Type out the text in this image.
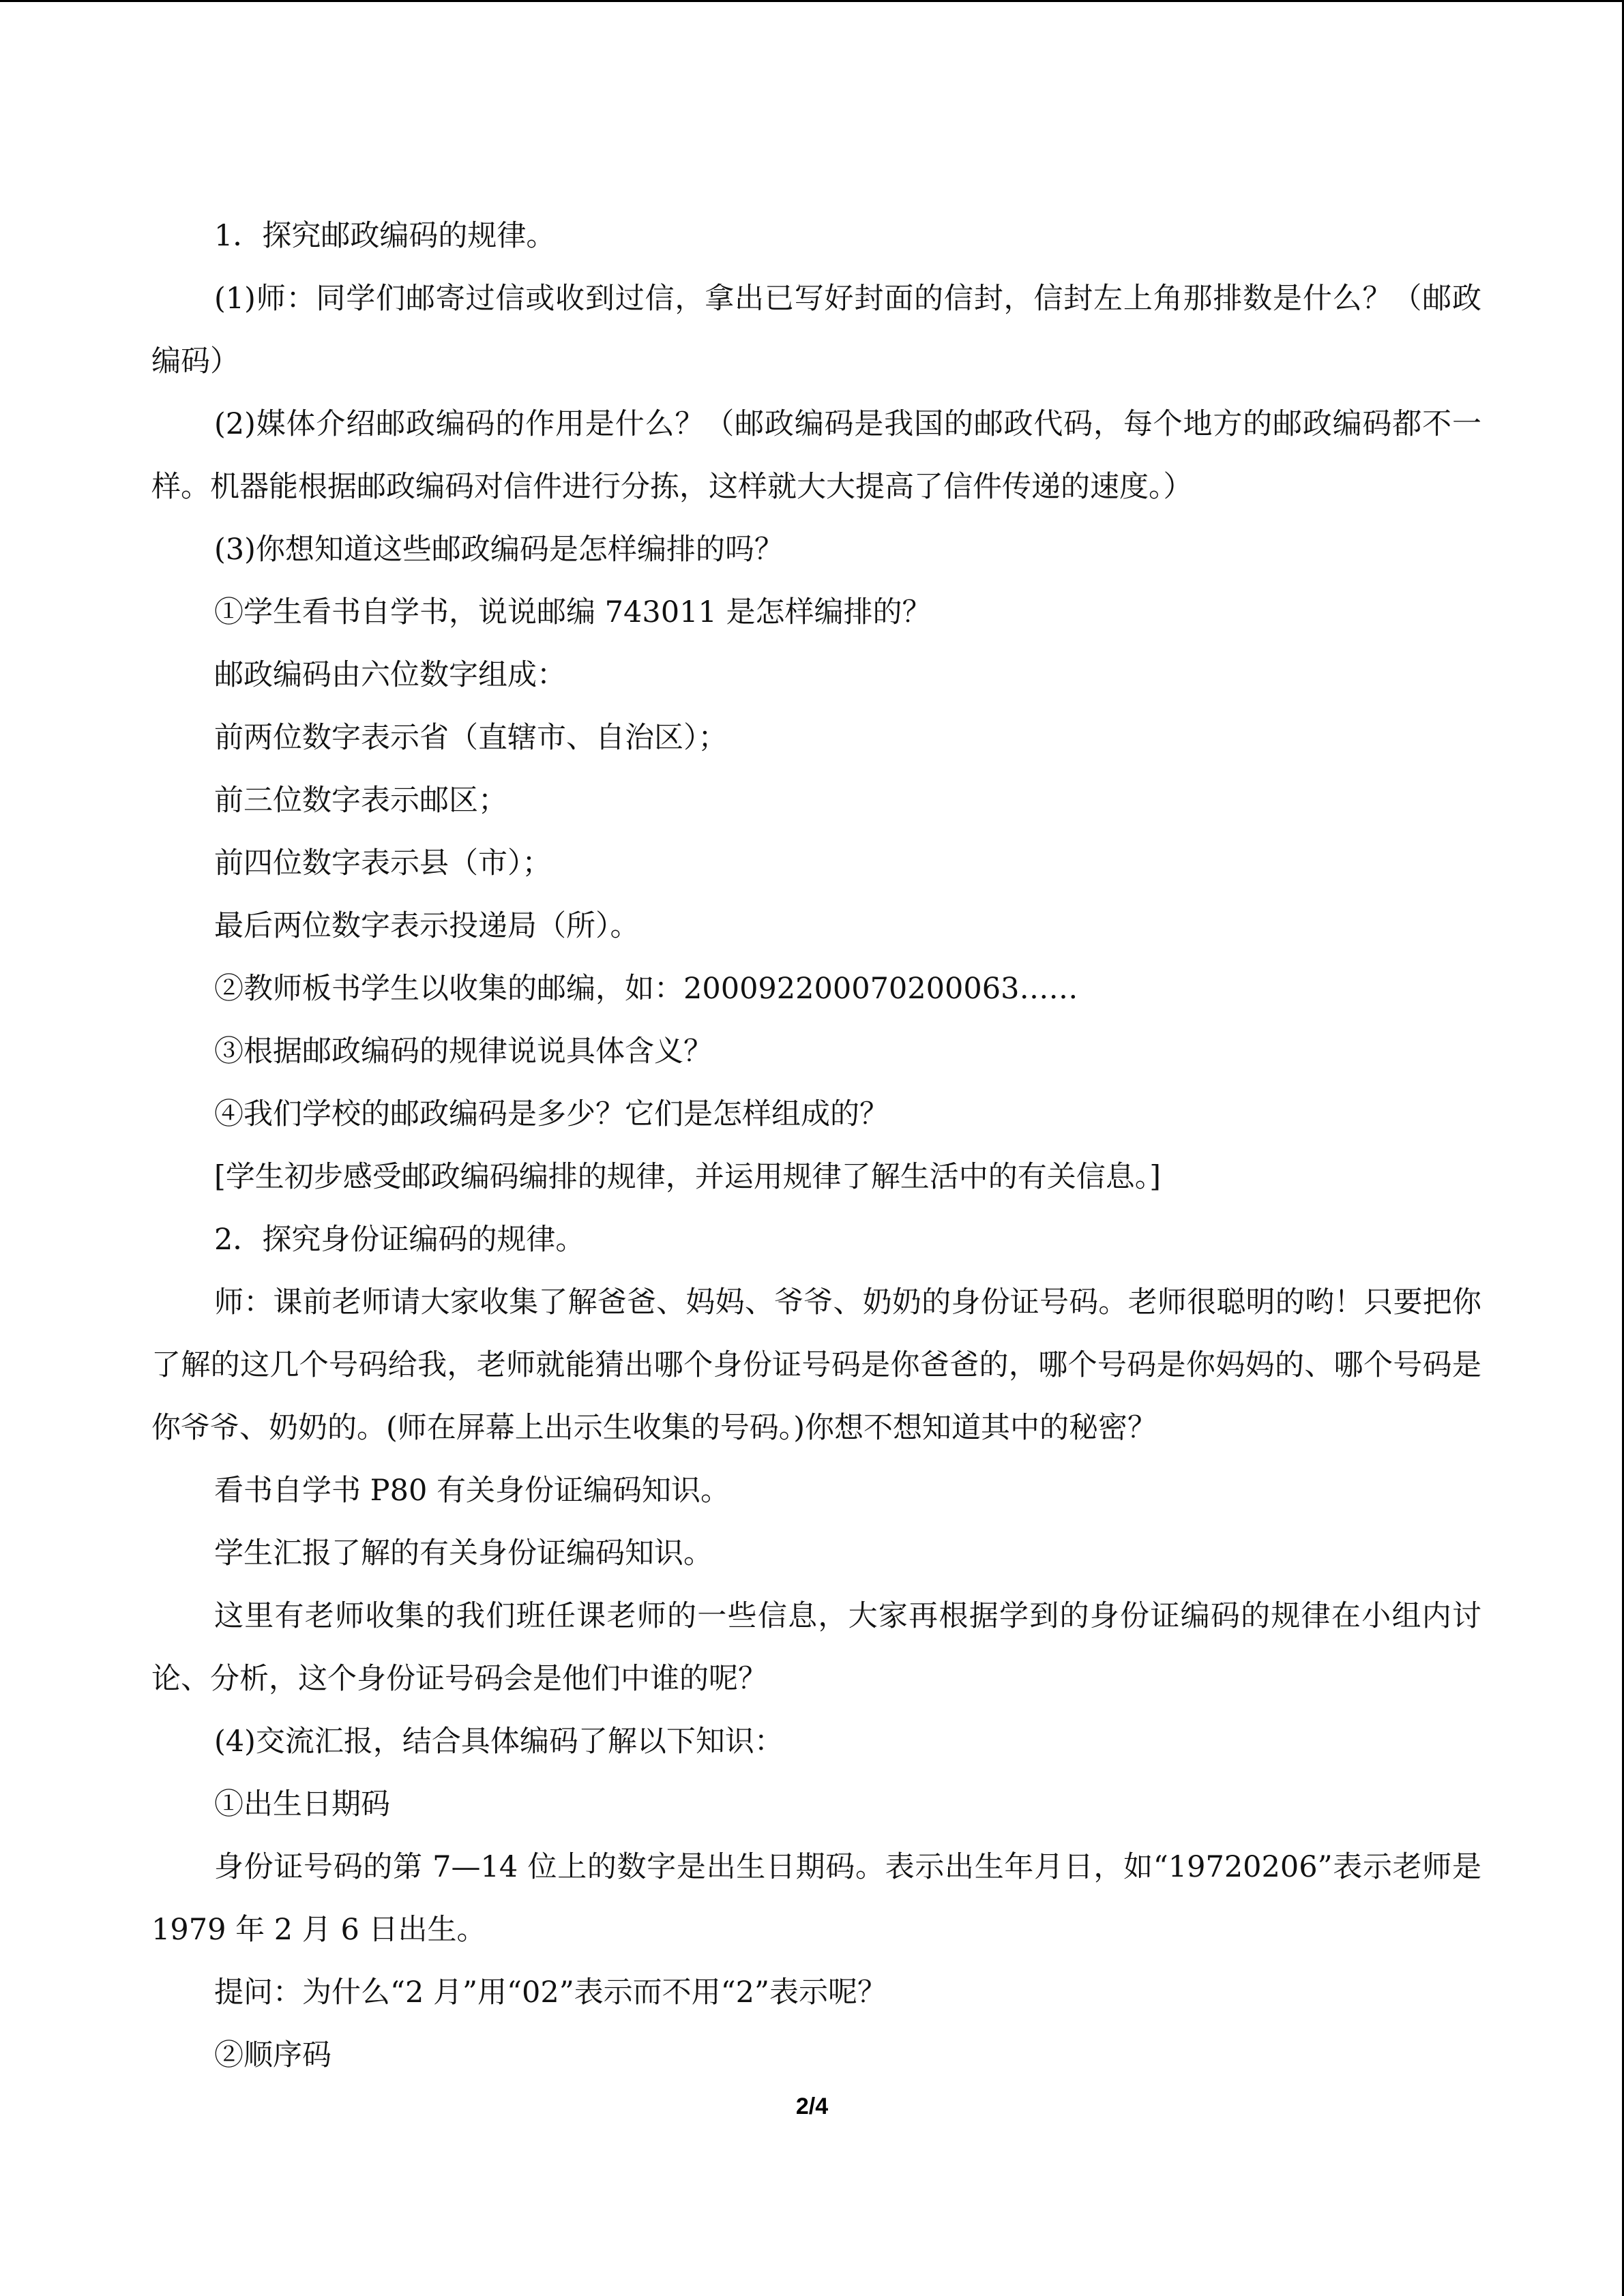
1．探究邮政编码的规律。

(1)师：同学们邮寄过信或收到过信，拿出已写好封面的信封，信封左上角那排数是什么？（邮政编码）

(2)媒体介绍邮政编码的作用是什么？（邮政编码是我国的邮政代码，每个地方的邮政编码都不一样。机器能根据邮政编码对信件进行分拣，这样就大大提高了信件传递的速度。）

(3)你想知道这些邮政编码是怎样编排的吗？

①学生看书自学书，说说邮编 743011 是怎样编排的？

邮政编码由六位数字组成：

前两位数字表示省（直辖市、自治区）；

前三位数字表示邮区；

前四位数字表示县（市）；

最后两位数字表示投递局（所）。

②教师板书学生以收集的邮编，如：200092200070200063……

③根据邮政编码的规律说说具体含义？

④我们学校的邮政编码是多少？它们是怎样组成的？

[学生初步感受邮政编码编排的规律，并运用规律了解生活中的有关信息。]

2．探究身份证编码的规律。

师：课前老师请大家收集了解爸爸、妈妈、爷爷、奶奶的身份证号码。老师很聪明的哟！只要把你了解的这几个号码给我，老师就能猜出哪个身份证号码是你爸爸的，哪个号码是你妈妈的、哪个号码是你爷爷、奶奶的。(师在屏幕上出示生收集的号码。)你想不想知道其中的秘密？

看书自学书 P80 有关身份证编码知识。

学生汇报了解的有关身份证编码知识。

这里有老师收集的我们班任课老师的一些信息，大家再根据学到的身份证编码的规律在小组内讨论、分析，这个身份证号码会是他们中谁的呢？

(4)交流汇报，结合具体编码了解以下知识：

①出生日期码

身份证号码的第 7—14 位上的数字是出生日期码。表示出生年月日，如“19720206”表示老师是 1979 年 2 月 6 日出生。

提问：为什么“2 月”用“02”表示而不用“2”表示呢？

②顺序码

2/4
